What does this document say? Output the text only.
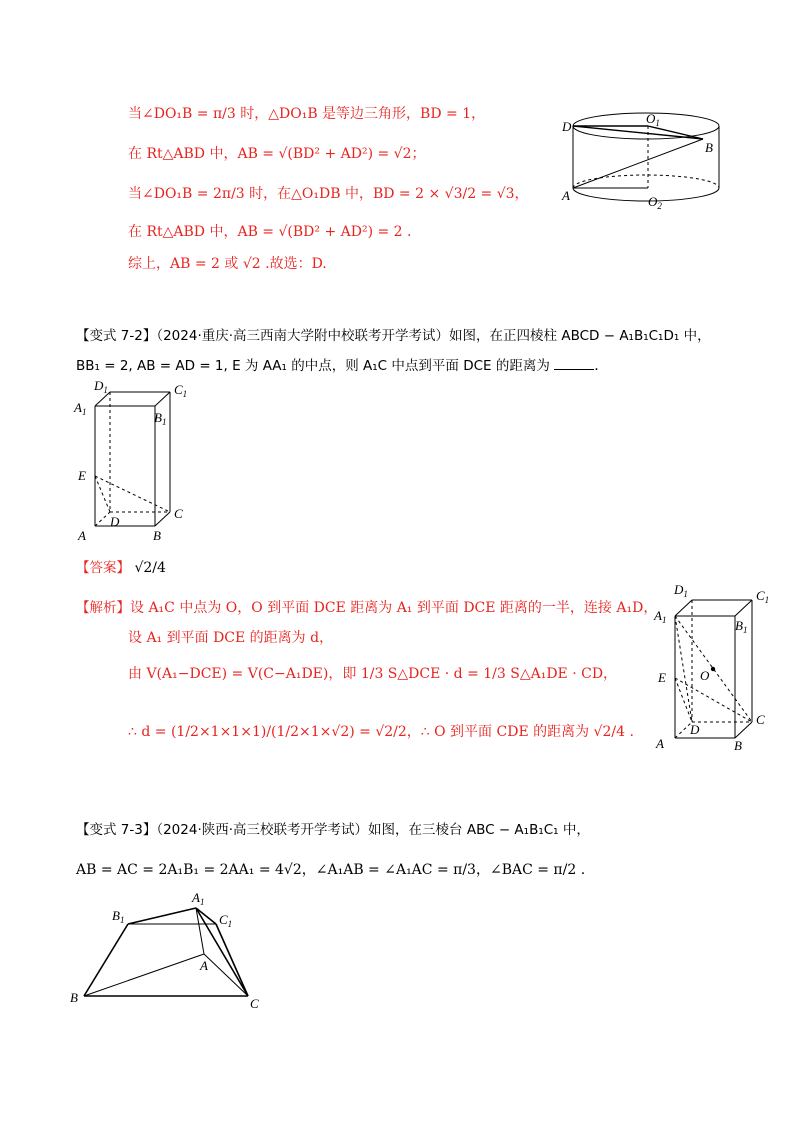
当∠DO₁B = π/3 时，△DO₁B 是等边三角形，BD = 1，
在 Rt△ABD 中，AB = √(BD² + AD²) = √2；
当∠DO₁B = 2π/3 时，在△O₁DB 中，BD = 2 × √3/2 = √3，
在 Rt△ABD 中，AB = √(BD² + AD²) = 2 .
综上，AB = 2 或 √2 .故选：D.
D
$O_1$
B
A	$O_2$
【变式 7-2】（2024·重庆·高三西南大学附中校联考开学考试）如图，在正四棱柱 ABCD − A₁B₁C₁D₁ 中，
BB₁ = 2, AB = AD = 1, E 为 AA₁ 的中点，则 A₁C 中点到平面 DCE 的距离为	.
$D_1$	$C_1$
$A_1$	$B_1$
E
D
C
A	B
【答案】 √2/4
【解析】设 A₁C 中点为 O，O 到平面 DCE 距离为 A₁ 到平面 DCE 距离的一半，连接 A₁D，
设 A₁ 到平面 DCE 的距离为 d，
由 V(A₁−DCE) = V(C−A₁DE)，即 1/3 S△DCE · d = 1/3 S△A₁DE · CD，
∴ d = (1/2×1×1×1)/(1/2×1×√2) = √2/2，∴ O 到平面 CDE 的距离为 √2/4 .
$D_1$	$C_1$
$A_1$	$B_1$
O
E
D
C
A	B
【变式 7-3】（2024·陕西·高三校联考开学考试）如图，在三棱台 ABC − A₁B₁C₁ 中，
AB = AC = 2A₁B₁ = 2AA₁ = 4√2，∠A₁AB = ∠A₁AC = π/3，∠BAC = π/2 .
$A_1$
$B_1$	$C_1$
A
B	C
